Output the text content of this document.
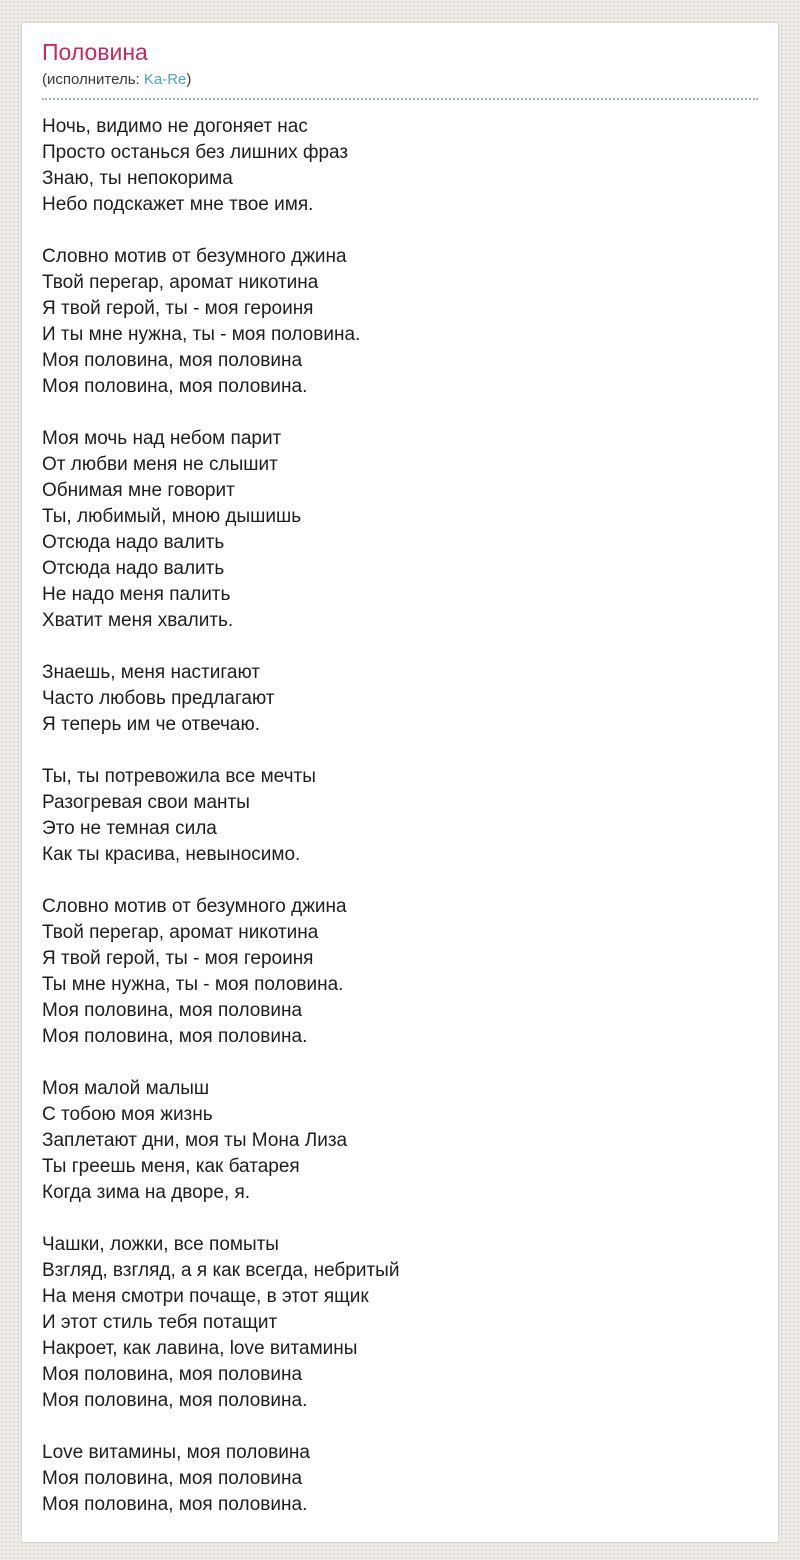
Половина
(исполнитель: Ka-Re)

Ночь, видимо не догоняет нас
Просто останься без лишних фраз
Знаю, ты непокорима
Небо подскажет мне твое имя.

Словно мотив от безумного джина
Твой перегар, аромат никотина
Я твой герой, ты - моя героиня
И ты мне нужна, ты - моя половина.
Моя половина, моя половина
Моя половина, моя половина.

Моя мочь над небом парит
От любви меня не слышит
Обнимая мне говорит
Ты, любимый, мною дышишь
Отсюда надо валить
Отсюда надо валить
Не надо меня палить
Хватит меня хвалить.

Знаешь, меня настигают
Часто любовь предлагают
Я теперь им че отвечаю.

Ты, ты потревожила все мечты
Разогревая свои манты
Это не темная сила
Как ты красива, невыносимо.

Словно мотив от безумного джина
Твой перегар, аромат никотина
Я твой герой, ты - моя героиня
Ты мне нужна, ты - моя половина.
Моя половина, моя половина
Моя половина, моя половина.

Моя малой малыш
С тобою моя жизнь
Заплетают дни, моя ты Мона Лиза
Ты греешь меня, как батарея
Когда зима на дворе, я.

Чашки, ложки, все помыты
Взгляд, взгляд, а я как всегда, небритый
На меня смотри почаще, в этот ящик
И этот стиль тебя потащит
Накроет, как лавина, love витамины
Моя половина, моя половина
Моя половина, моя половина.

Love витамины, моя половина
Моя половина, моя половина
Моя половина, моя половина.
